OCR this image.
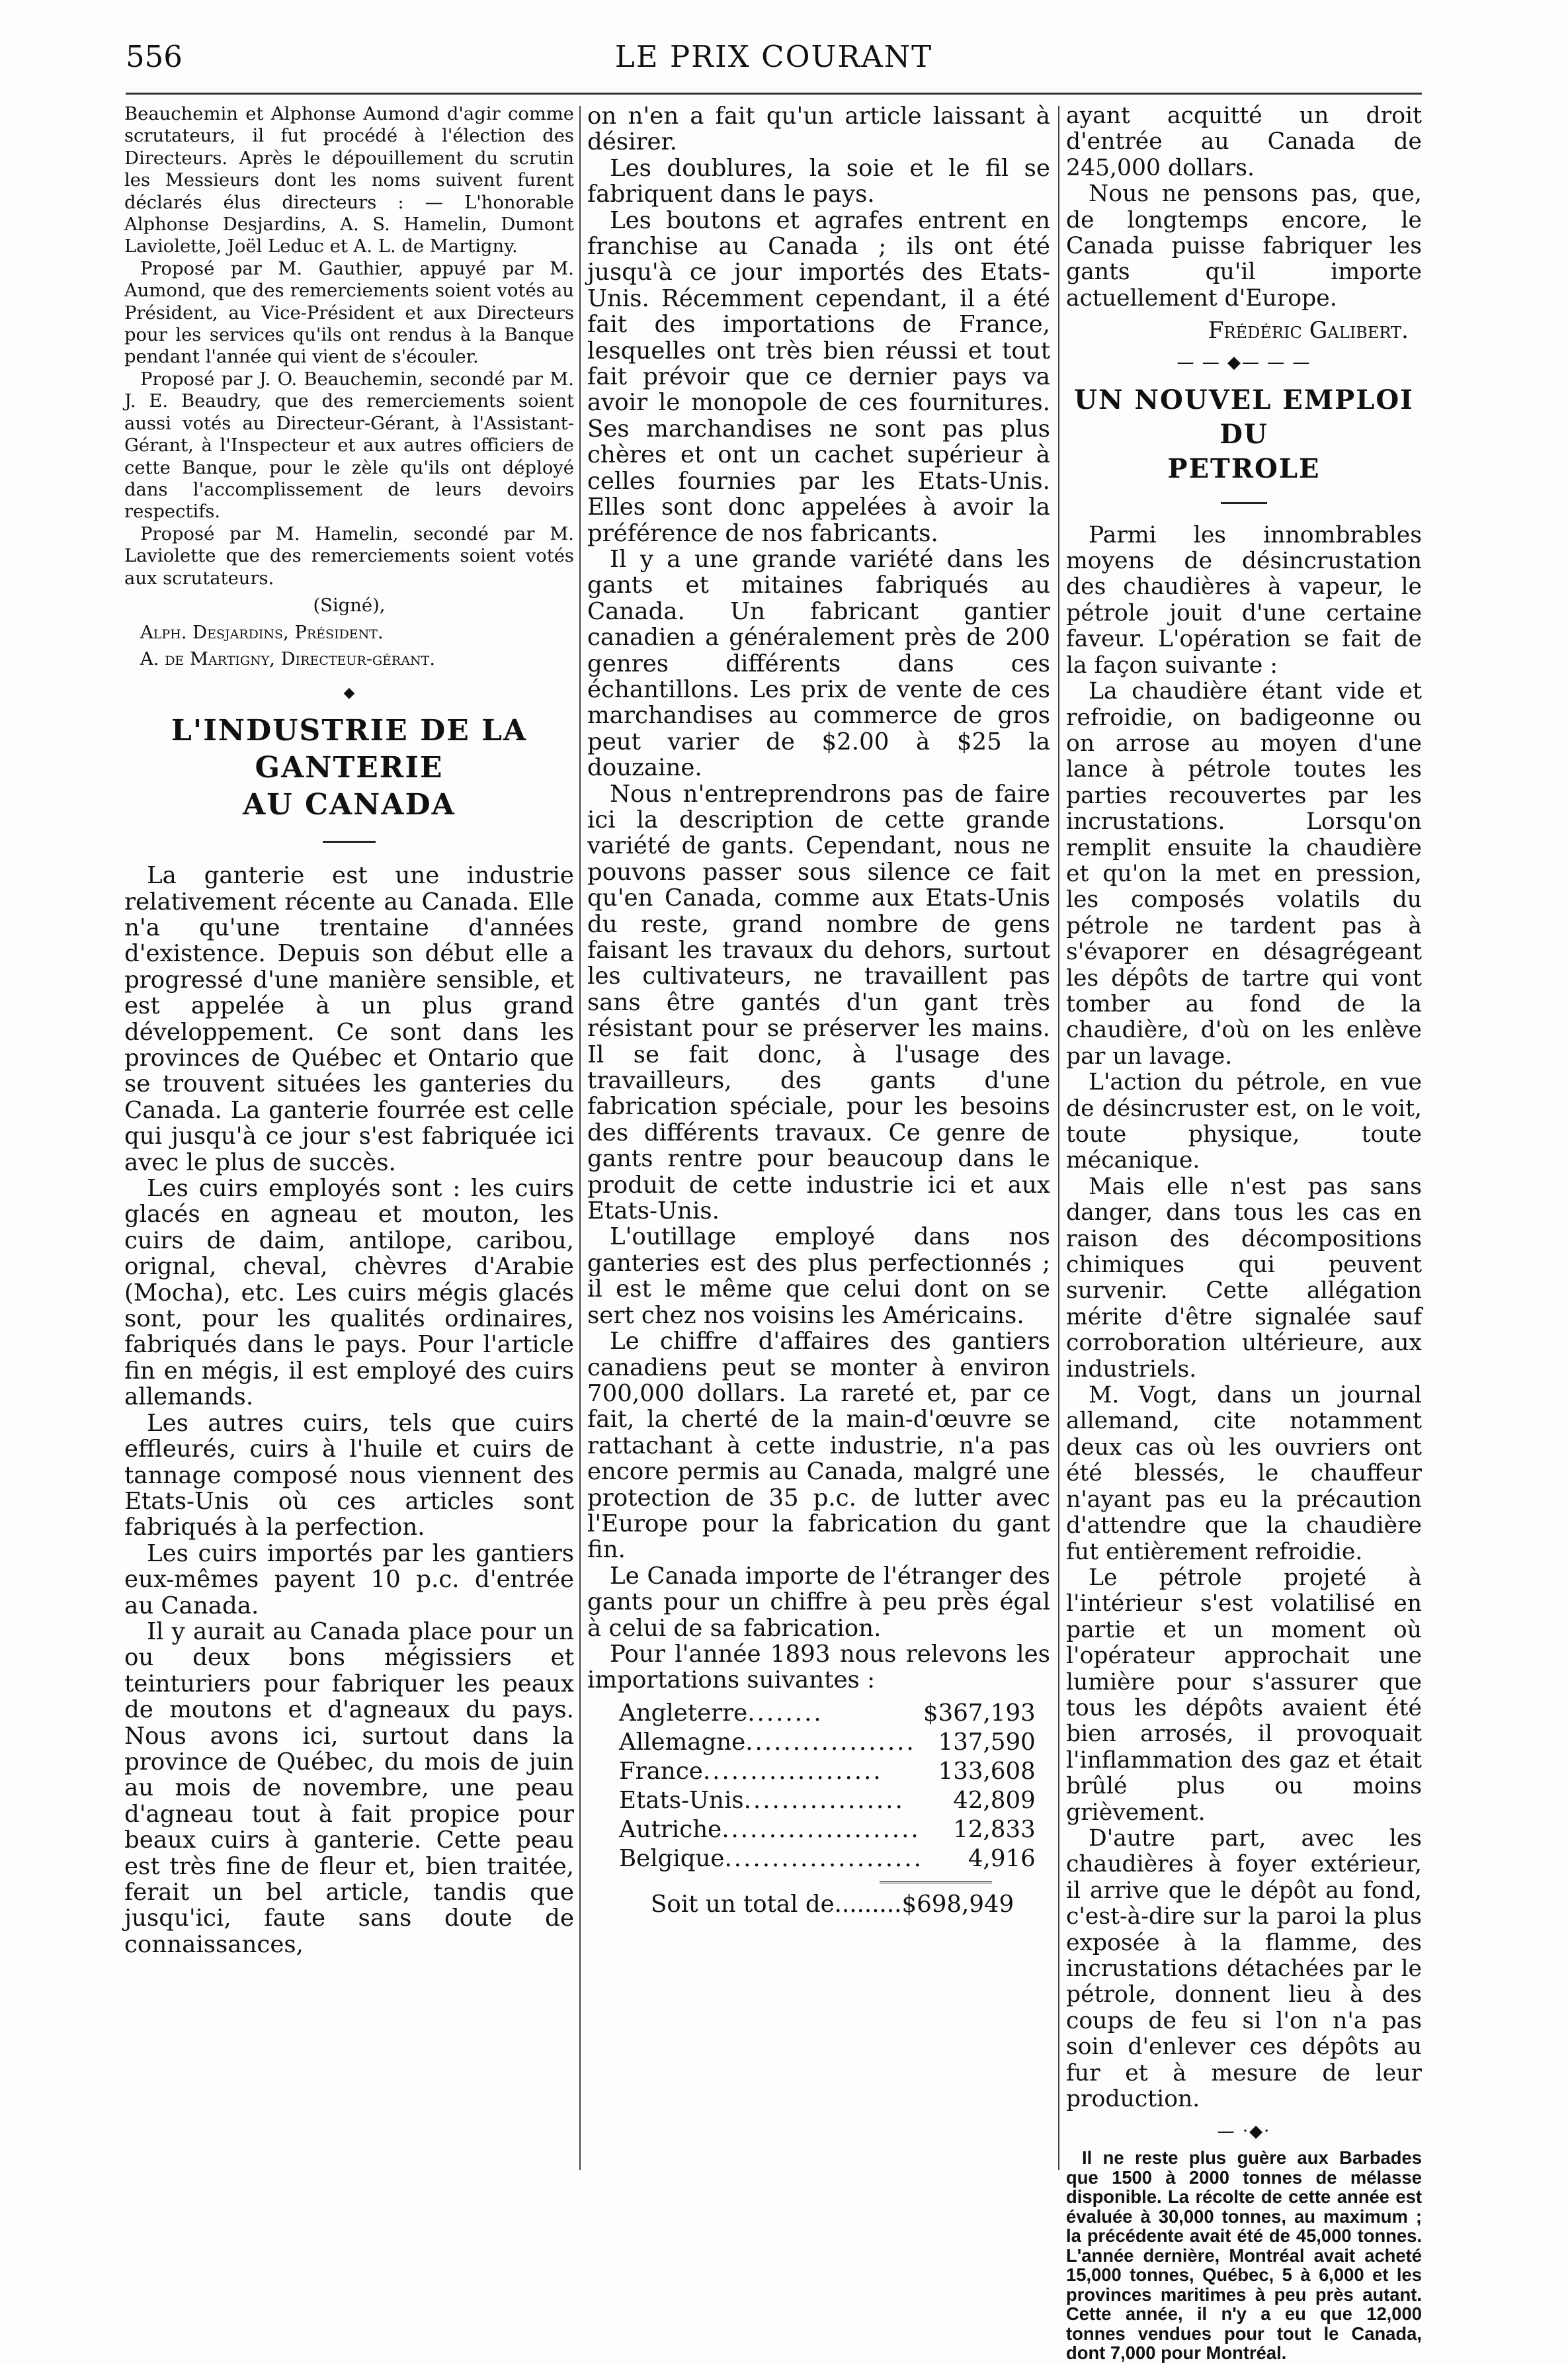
556	LE PRIX COURANT

Beauchemin et Alphonse Aumond d'agir comme scrutateurs, il fut procédé à l'élection des Directeurs. Après le dépouillement du scrutin les Messieurs dont les noms suivent furent déclarés élus directeurs : — L'honorable Alphonse Desjardins, A. S. Hamelin, Dumont Laviolette, Joël Leduc et A. L. de Martigny.

Proposé par M. Gauthier, appuyé par M. Aumond, que des remerciements soient votés au Président, au Vice-Président et aux Directeurs pour les services qu'ils ont rendus à la Banque pendant l'année qui vient de s'écouler.

Proposé par J. O. Beauchemin, secondé par M. J. E. Beaudry, que des remerciements soient aussi votés au Directeur-Gérant, à l'Assistant-Gérant, à l'Inspecteur et aux autres officiers de cette Banque, pour le zèle qu'ils ont déployé dans l'accomplissement de leurs devoirs respectifs.

Proposé par M. Hamelin, secondé par M. Laviolette que des remerciements soient votés aux scrutateurs.

(Signé),

Alph. Desjardins, Président.

A. de Martigny, Directeur-gérant.

◆

L'INDUSTRIE DE LA GANTERIE

AU CANADA

La ganterie est une industrie relativement récente au Canada. Elle n'a qu'une trentaine d'années d'existence. Depuis son début elle a progressé d'une manière sensible, et est appelée à un plus grand développement. Ce sont dans les provinces de Québec et Ontario que se trouvent situées les ganteries du Canada. La ganterie fourrée est celle qui jusqu'à ce jour s'est fabriquée ici avec le plus de succès.

Les cuirs employés sont : les cuirs glacés en agneau et mouton, les cuirs de daim, antilope, caribou, orignal, cheval, chèvres d'Arabie (Mocha), etc. Les cuirs mégis glacés sont, pour les qualités ordinaires, fabriqués dans le pays. Pour l'article fin en mégis, il est employé des cuirs allemands.

Les autres cuirs, tels que cuirs effleurés, cuirs à l'huile et cuirs de tannage composé nous viennent des Etats-Unis où ces articles sont fabriqués à la perfection.

Les cuirs importés par les gantiers eux-mêmes payent 10 p.c. d'entrée au Canada.

Il y aurait au Canada place pour un ou deux bons mégissiers et teinturiers pour fabriquer les peaux de moutons et d'agneaux du pays. Nous avons ici, surtout dans la province de Québec, du mois de juin au mois de novembre, une peau d'agneau tout à fait propice pour beaux cuirs à ganterie. Cette peau est très fine de fleur et, bien traitée, ferait un bel article, tandis que jusqu'ici, faute sans doute de connaissances,

on n'en a fait qu'un article laissant à désirer.

Les doublures, la soie et le fil se fabriquent dans le pays.

Les boutons et agrafes entrent en franchise au Canada ; ils ont été jusqu'à ce jour importés des Etats-Unis. Récemment cependant, il a été fait des importations de France, lesquelles ont très bien réussi et tout fait prévoir que ce dernier pays va avoir le monopole de ces fournitures. Ses marchandises ne sont pas plus chères et ont un cachet supérieur à celles fournies par les Etats-Unis. Elles sont donc appelées à avoir la préférence de nos fabricants.

Il y a une grande variété dans les gants et mitaines fabriqués au Canada. Un fabricant gantier canadien a généralement près de 200 genres différents dans ces échantillons. Les prix de vente de ces marchandises au commerce de gros peut varier de $2.00 à $25 la douzaine.

Nous n'entreprendrons pas de faire ici la description de cette grande variété de gants. Cependant, nous ne pouvons passer sous silence ce fait qu'en Canada, comme aux Etats-Unis du reste, grand nombre de gens faisant les travaux du dehors, surtout les cultivateurs, ne travaillent pas sans être gantés d'un gant très résistant pour se préserver les mains. Il se fait donc, à l'usage des travailleurs, des gants d'une fabrication spéciale, pour les besoins des différents travaux. Ce genre de gants rentre pour beaucoup dans le produit de cette industrie ici et aux Etats-Unis.

L'outillage employé dans nos ganteries est des plus perfectionnés ; il est le même que celui dont on se sert chez nos voisins les Américains.

Le chiffre d'affaires des gantiers canadiens peut se monter à environ 700,000 dollars. La rareté et, par ce fait, la cherté de la main-d'œuvre se rattachant à cette industrie, n'a pas encore permis au Canada, malgré une protection de 35 p.c. de lutter avec l'Europe pour la fabrication du gant fin.

Le Canada importe de l'étranger des gants pour un chiffre à peu près égal à celui de sa fabrication.

Pour l'année 1893 nous relevons les importations suivantes :

Angleterre........	$367,193
Allemagne..................	137,590
France...................	133,608
Etats-Unis.................	42,809
Autriche.....................	12,833
Belgique.....................	4,916
Soit un total de.........$698,949

ayant acquitté un droit d'entrée au Canada de 245,000 dollars.

Nous ne pensons pas, que, de longtemps encore, le Canada puisse fabriquer les gants qu'il importe actuellement d'Europe.

Frédéric Galibert.

— — ◆— — —

UN NOUVEL EMPLOI DU

PETROLE

Parmi les innombrables moyens de désincrustation des chaudières à vapeur, le pétrole jouit d'une certaine faveur. L'opération se fait de la façon suivante :

La chaudière étant vide et refroidie, on badigeonne ou on arrose au moyen d'une lance à pétrole toutes les parties recouvertes par les incrustations. Lorsqu'on remplit ensuite la chaudière et qu'on la met en pression, les composés volatils du pétrole ne tardent pas à s'évaporer en désagrégeant les dépôts de tartre qui vont tomber au fond de la chaudière, d'où on les enlève par un lavage.

L'action du pétrole, en vue de désincruster est, on le voit, toute physique, toute mécanique.

Mais elle n'est pas sans danger, dans tous les cas en raison des décompositions chimiques qui peuvent survenir. Cette allégation mérite d'être signalée sauf corroboration ultérieure, aux industriels.

M. Vogt, dans un journal allemand, cite notamment deux cas où les ouvriers ont été blessés, le chauffeur n'ayant pas eu la précaution d'attendre que la chaudière fut entièrement refroidie.

Le pétrole projeté à l'intérieur s'est volatilisé en partie et un moment où l'opérateur approchait une lumière pour s'assurer que tous les dépôts avaient été bien arrosés, il provoquait l'inflammation des gaz et était brûlé plus ou moins grièvement.

D'autre part, avec les chaudières à foyer extérieur, il arrive que le dépôt au fond, c'est-à-dire sur la paroi la plus exposée à la flamme, des incrustations détachées par le pétrole, donnent lieu à des coups de feu si l'on n'a pas soin d'enlever ces dépôts au fur et à mesure de leur production.

— ·◆·

Il ne reste plus guère aux Barbades que 1500 à 2000 tonnes de mélasse disponible. La récolte de cette année est évaluée à 30,000 tonnes, au maximum ; la précédente avait été de 45,000 tonnes. L'année dernière, Montréal avait acheté 15,000 tonnes, Québec, 5 à 6,000 et les provinces maritimes à peu près autant. Cette année, il n'y a eu que 12,000 tonnes vendues pour tout le Canada, dont 7,000 pour Montréal.
